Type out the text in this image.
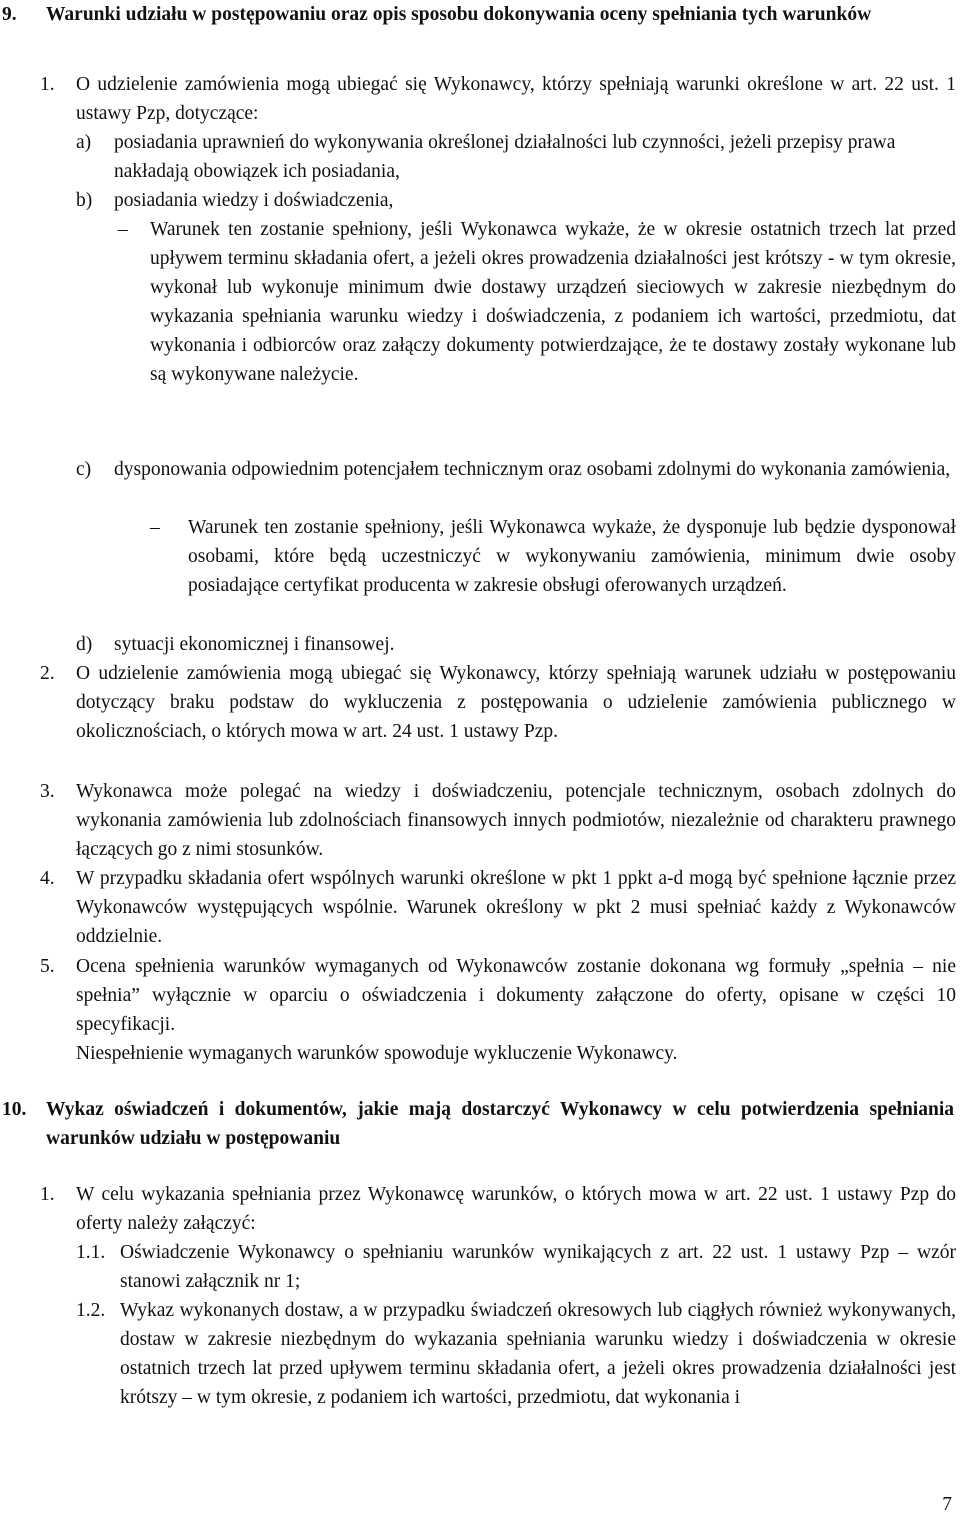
9. Warunki udziału w postępowaniu oraz opis sposobu dokonywania oceny spełniania tych warunków
1. O udzielenie zamówienia mogą ubiegać się Wykonawcy, którzy spełniają warunki określone w art. 22 ust. 1 ustawy Pzp, dotyczące:
a) posiadania uprawnień do wykonywania określonej działalności lub czynności, jeżeli przepisy prawa nakładają obowiązek ich posiadania,
b) posiadania wiedzy i doświadczenia,
– Warunek ten zostanie spełniony, jeśli Wykonawca wykaże, że w okresie ostatnich trzech lat przed upływem terminu składania ofert, a jeżeli okres prowadzenia działalności jest krótszy - w tym okresie, wykonał lub wykonuje minimum dwie dostawy urządzeń sieciowych w zakresie niezbędnym do wykazania spełniania warunku wiedzy i doświadczenia, z podaniem ich wartości, przedmiotu, dat wykonania i odbiorców oraz załączy dokumenty potwierdzające, że te dostawy zostały wykonane lub są wykonywane należycie.
c) dysponowania odpowiednim potencjałem technicznym oraz osobami zdolnymi do wykonania zamówienia,
– Warunek ten zostanie spełniony, jeśli Wykonawca wykaże, że dysponuje lub będzie dysponował osobami, które będą uczestniczyć w wykonywaniu zamówienia, minimum dwie osoby posiadające certyfikat producenta w zakresie obsługi oferowanych urządzeń.
d) sytuacji ekonomicznej i finansowej.
2. O udzielenie zamówienia mogą ubiegać się Wykonawcy, którzy spełniają warunek udziału w postępowaniu dotyczący braku podstaw do wykluczenia z postępowania o udzielenie zamówienia publicznego w okolicznościach, o których mowa w art. 24 ust. 1 ustawy Pzp.
3. Wykonawca może polegać na wiedzy i doświadczeniu, potencjale technicznym, osobach zdolnych do wykonania zamówienia lub zdolnościach finansowych innych podmiotów, niezależnie od charakteru prawnego łączących go z nimi stosunków.
4. W przypadku składania ofert wspólnych warunki określone w pkt 1 ppkt a-d mogą być spełnione łącznie przez Wykonawców występujących wspólnie. Warunek określony w pkt 2 musi spełniać każdy z Wykonawców oddzielnie.
5. Ocena spełnienia warunków wymaganych od Wykonawców zostanie dokonana wg formuły „spełnia – nie spełnia” wyłącznie w oparciu o oświadczenia i dokumenty załączone do oferty, opisane w części 10 specyfikacji.
Niespełnienie wymaganych warunków spowoduje wykluczenie Wykonawcy.
10. Wykaz oświadczeń i dokumentów, jakie mają dostarczyć Wykonawcy w celu potwierdzenia spełniania warunków udziału w postępowaniu
1. W celu wykazania spełniania przez Wykonawcę warunków, o których mowa w art. 22 ust. 1 ustawy Pzp do oferty należy załączyć:
1.1. Oświadczenie Wykonawcy o spełnianiu warunków wynikających z art. 22 ust. 1 ustawy Pzp – wzór stanowi załącznik nr 1;
1.2. Wykaz wykonanych dostaw, a w przypadku świadczeń okresowych lub ciągłych również wykonywanych, dostaw w zakresie niezbędnym do wykazania spełniania warunku wiedzy i doświadczenia w okresie ostatnich trzech lat przed upływem terminu składania ofert, a jeżeli okres prowadzenia działalności jest krótszy – w tym okresie, z podaniem ich wartości, przedmiotu, dat wykonania i
7
